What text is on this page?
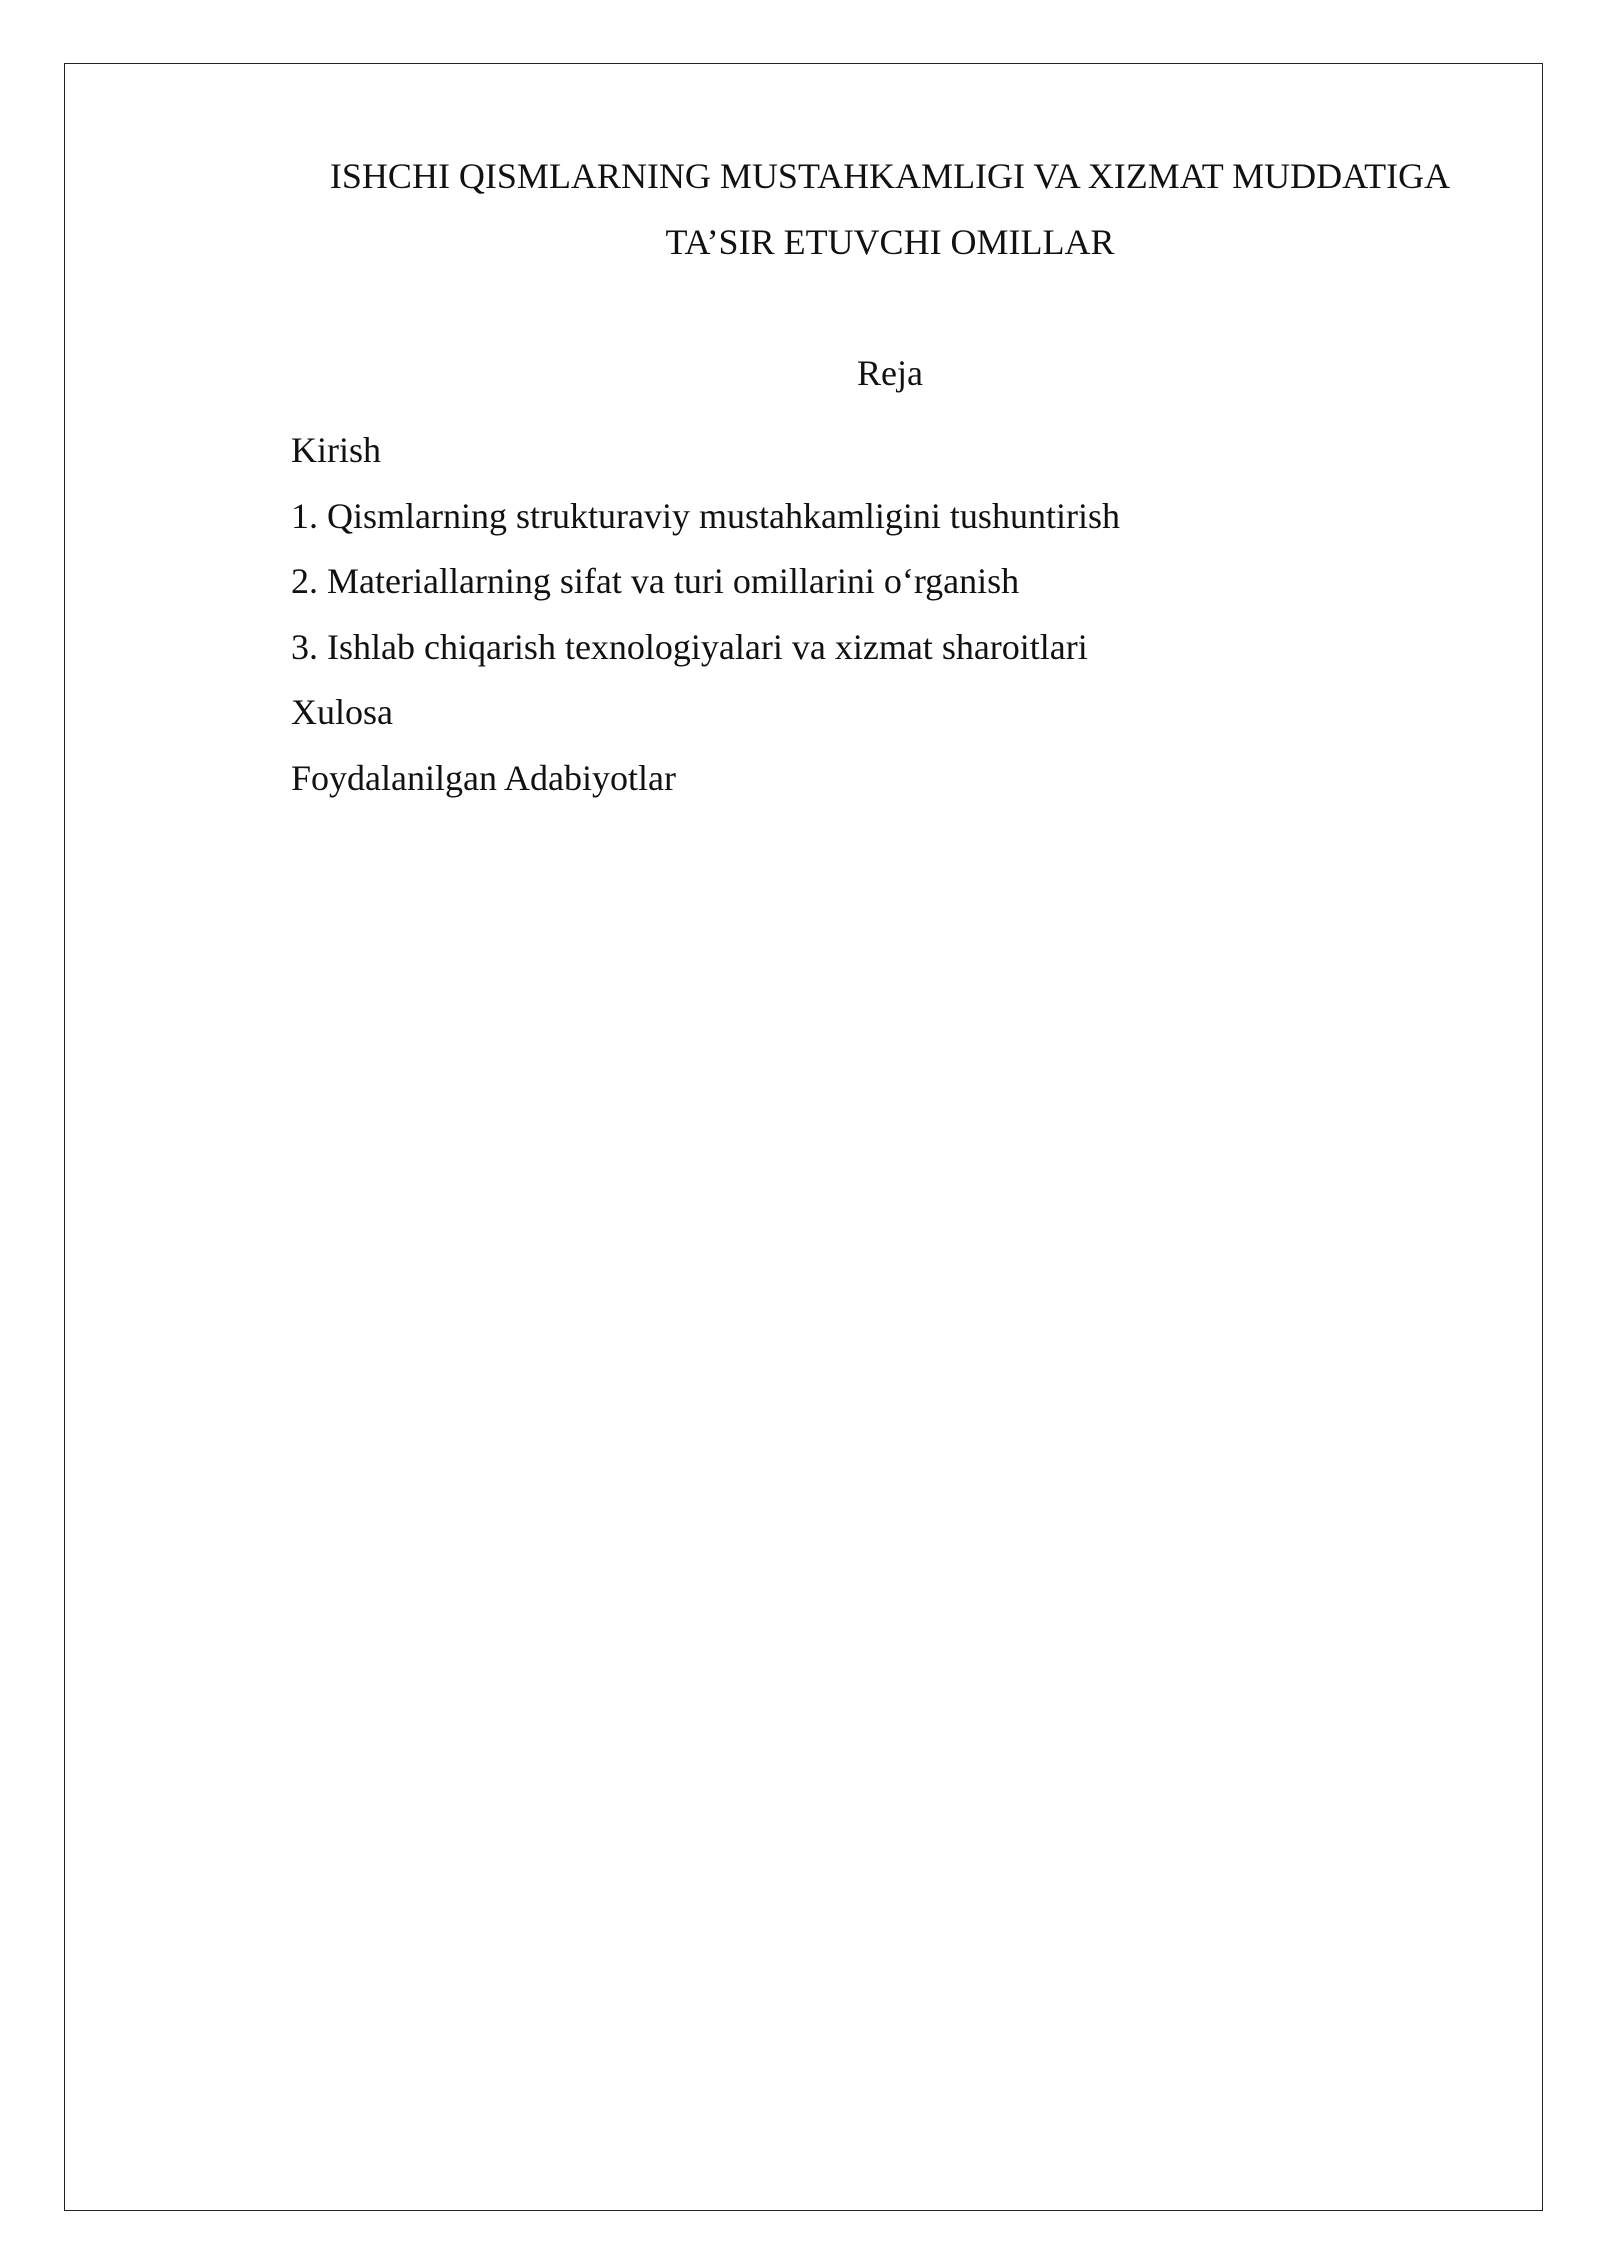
ISHCHI QISMLARNING MUSTAHKAMLIGI VA XIZMAT MUDDATIGA
TA’SIR ETUVCHI OMILLAR
Reja
Kirish
1. Qismlarning strukturaviy mustahkamligini tushuntirish
2. Materiallarning sifat va turi omillarini o‘rganish
3. Ishlab chiqarish texnologiyalari va xizmat sharoitlari
Xulosa
Foydalanilgan Adabiyotlar
